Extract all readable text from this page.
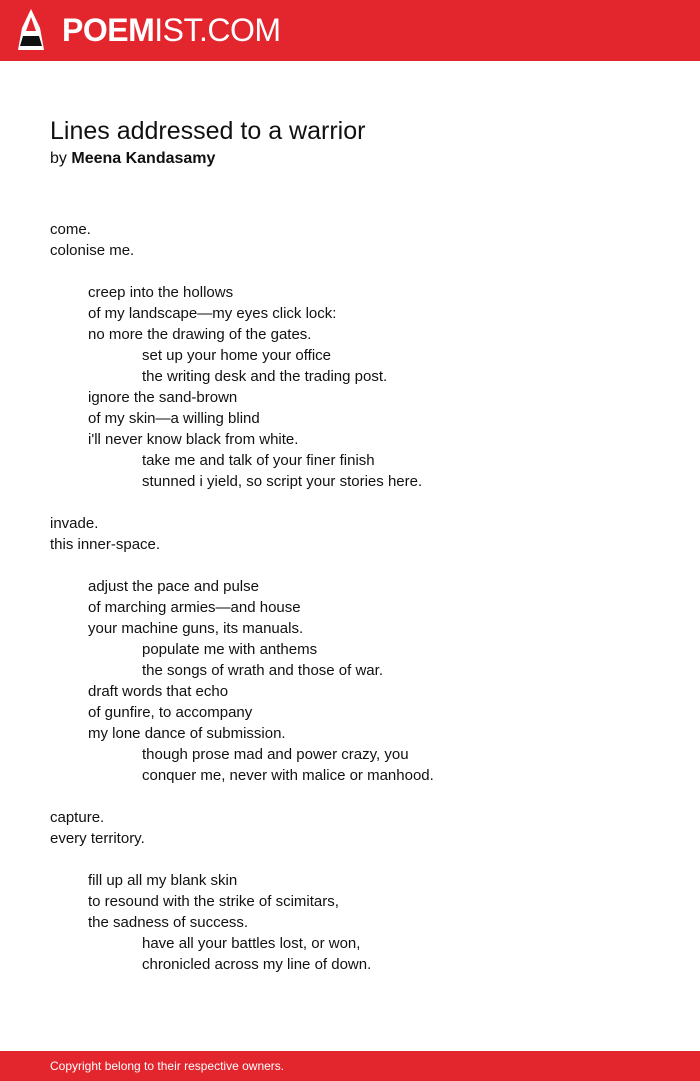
POEMIST.COM
Lines addressed to a warrior
by Meena Kandasamy
come.
colonise me.
creep into the hollows
of my landscape—my eyes click lock:
no more the drawing of the gates.
set up your home your office
the writing desk and the trading post.
ignore the sand-brown
of my skin—a willing blind
i'll never know black from white.
take me and talk of your finer finish
stunned i yield, so script your stories here.
invade.
this inner-space.
adjust the pace and pulse
of marching armies—and house
your machine guns, its manuals.
populate me with anthems
the songs of wrath and those of war.
draft words that echo
of gunfire, to accompany
my lone dance of submission.
though prose mad and power crazy, you
conquer me, never with malice or manhood.
capture.
every territory.
fill up all my blank skin
to resound with the strike of scimitars,
the sadness of success.
have all your battles lost, or won,
chronicled across my line of down.
Copyright belong to their respective owners.
